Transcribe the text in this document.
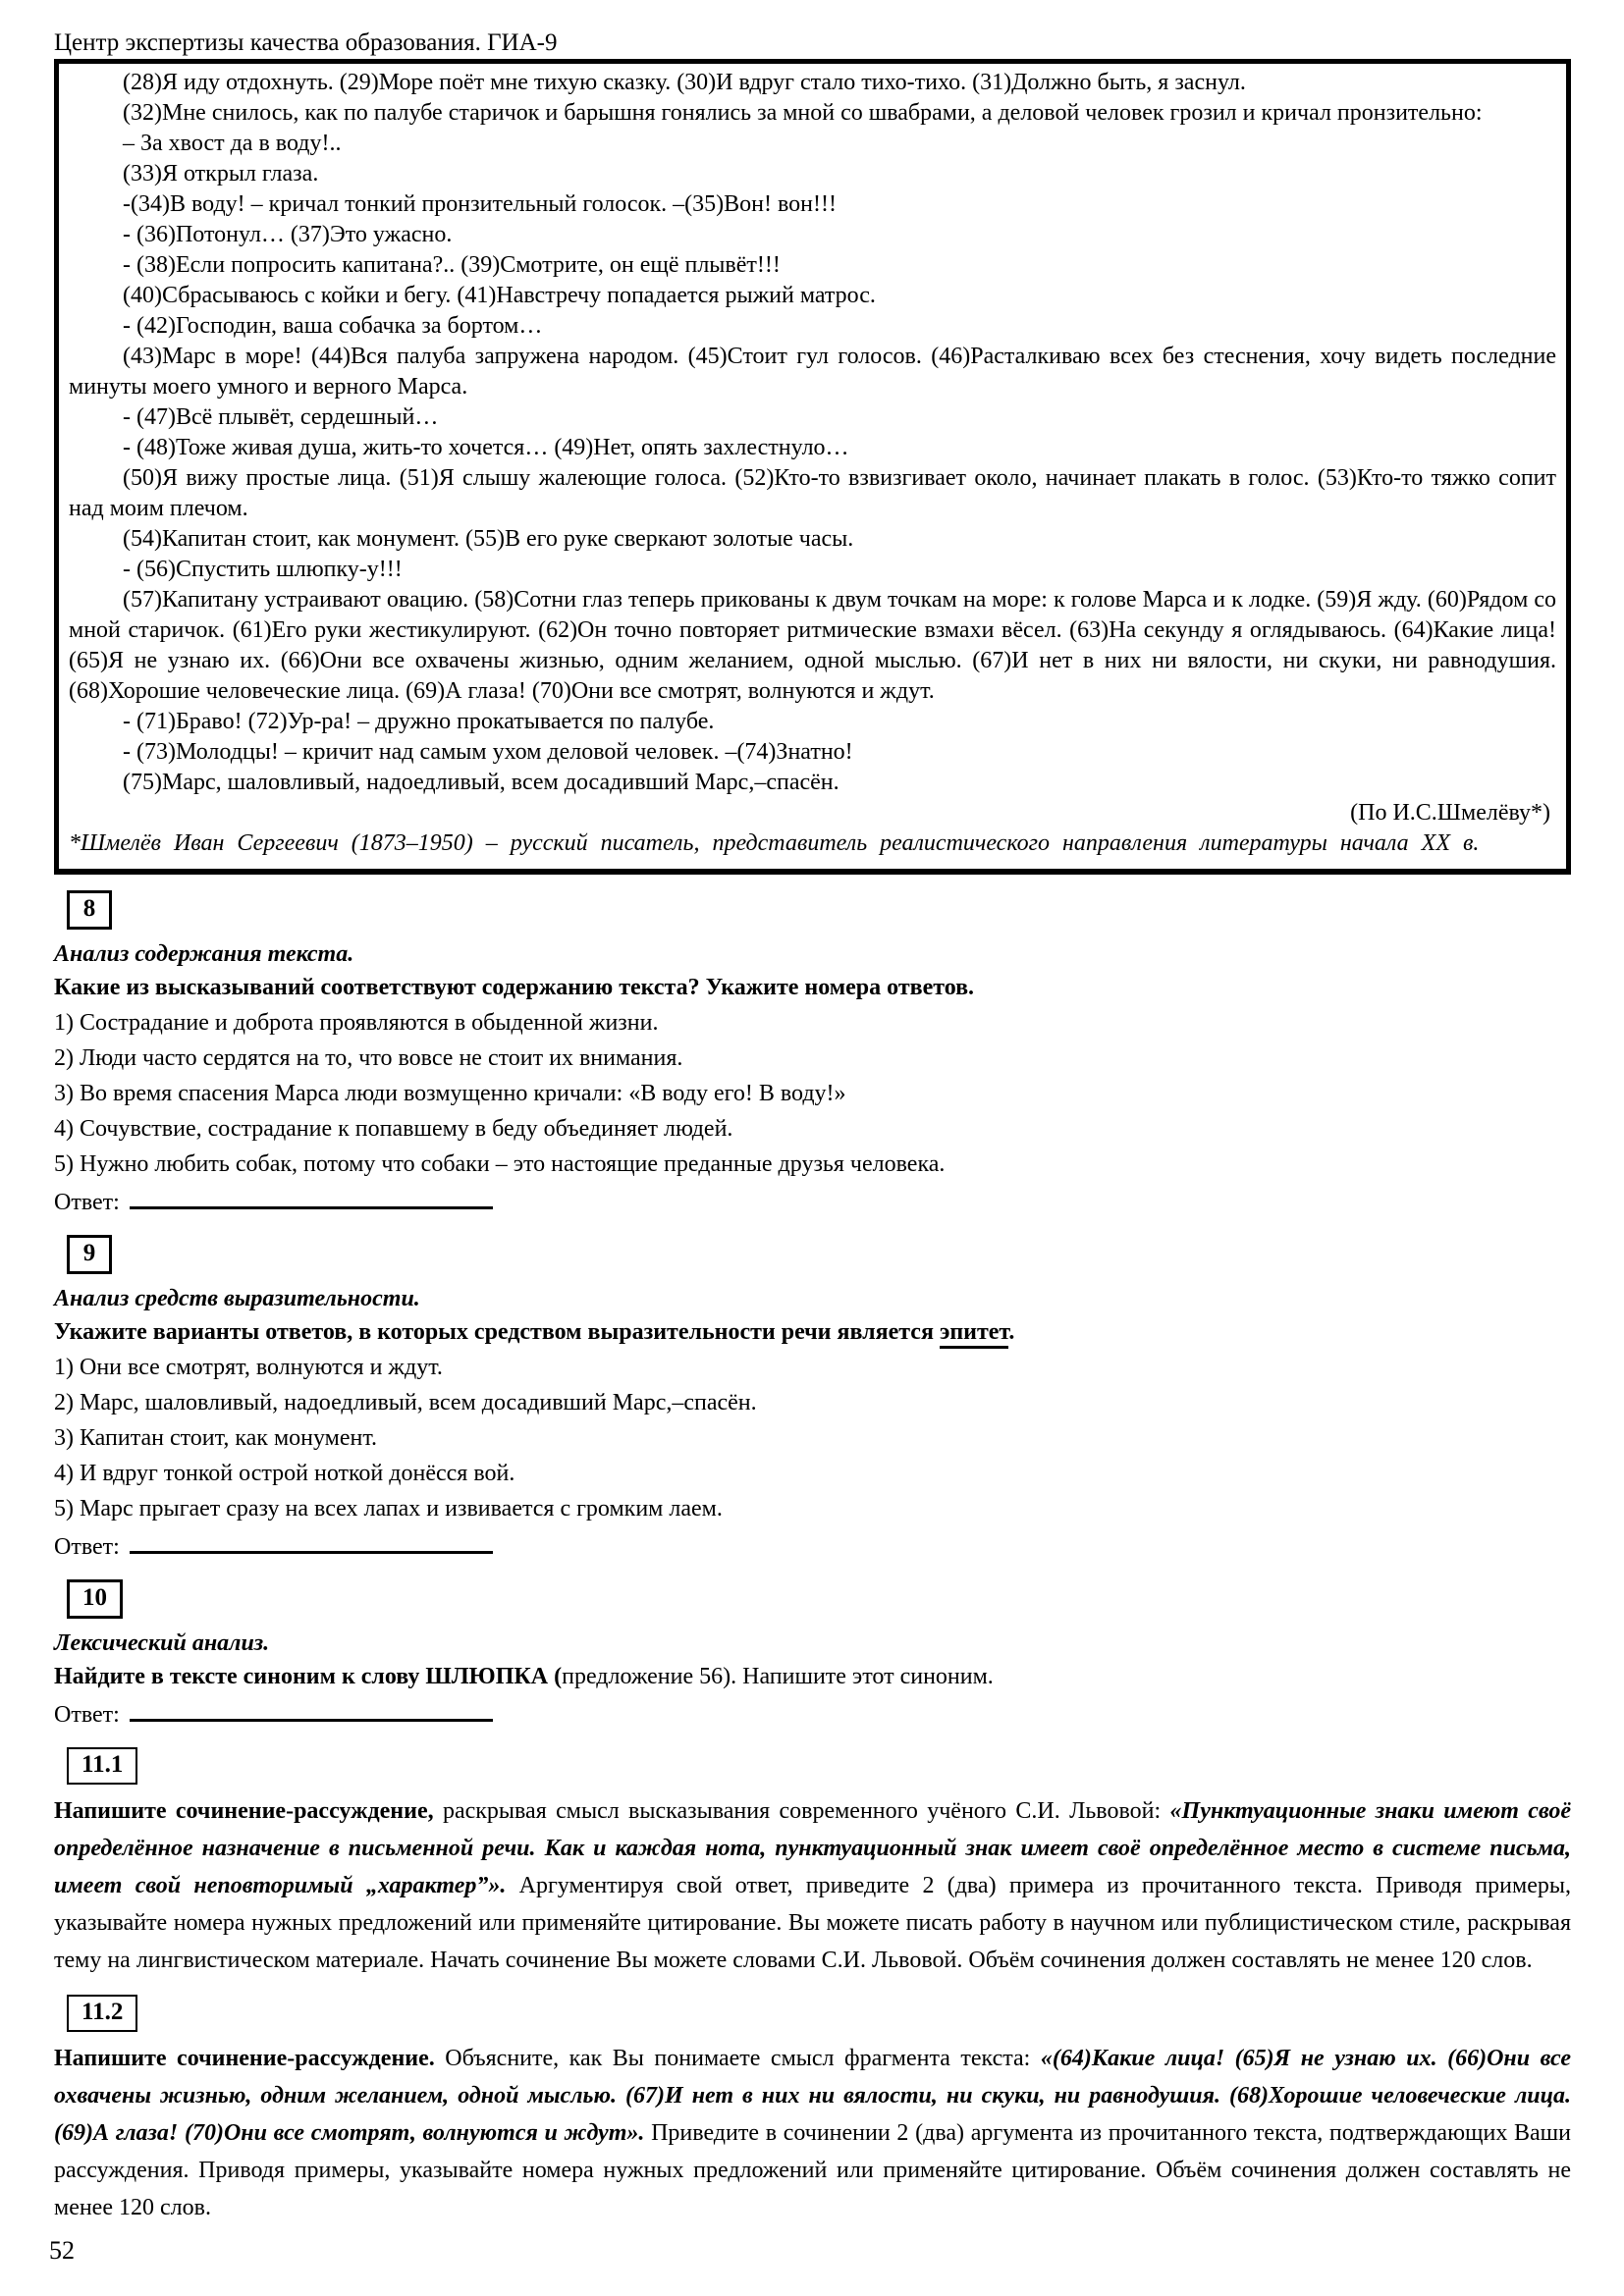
Центр экспертизы качества образования. ГИА-9

(28)Я иду отдохнуть. (29)Море поёт мне тихую сказку. (30)И вдруг стало тихо-тихо. (31)Должно быть, я заснул.

(32)Мне снилось, как по палубе старичок и барышня гонялись за мной со швабрами, а деловой человек грозил и кричал пронзительно:

– За хвост да в воду!..

(33)Я открыл глаза.

-(34)В воду! – кричал тонкий пронзительный голосок. –(35)Вон! вон!!!

- (36)Потонул… (37)Это ужасно.

- (38)Если попросить капитана?.. (39)Смотрите, он ещё плывёт!!!

(40)Сбрасываюсь с койки и бегу. (41)Навстречу попадается рыжий матрос.

- (42)Господин, ваша собачка за бортом…

(43)Марс в море! (44)Вся палуба запружена народом. (45)Стоит гул голосов. (46)Расталкиваю всех без стеснения, хочу видеть последние минуты моего умного и верного Марса.

- (47)Всё плывёт, сердешный…

- (48)Тоже живая душа, жить-то хочется… (49)Нет, опять захлестнуло…

(50)Я вижу простые лица. (51)Я слышу жалеющие голоса. (52)Кто-то взвизгивает около, начинает плакать в голос. (53)Кто-то тяжко сопит над моим плечом.

(54)Капитан стоит, как монумент. (55)В его руке сверкают золотые часы.

- (56)Спустить шлюпку-у!!!

(57)Капитану устраивают овацию. (58)Сотни глаз теперь прикованы к двум точкам на море: к голове Марса и к лодке. (59)Я жду. (60)Рядом со мной старичок. (61)Его руки жестикулируют. (62)Он точно повторяет ритмические взмахи вёсел. (63)На секунду я оглядываюсь. (64)Какие лица! (65)Я не узнаю их. (66)Они все охвачены жизнью, одним желанием, одной мыслью. (67)И нет в них ни вялости, ни скуки, ни равнодушия. (68)Хорошие человеческие лица. (69)А глаза! (70)Они все смотрят, волнуются и ждут.

- (71)Браво! (72)Ур-ра! – дружно прокатывается по палубе.

- (73)Молодцы! – кричит над самым ухом деловой человек. –(74)Знатно!

(75)Марс, шаловливый, надоедливый, всем досадивший Марс,–спасён.

(По И.С.Шмелёву*)

*Шмелёв Иван Сергеевич (1873–1950) – русский писатель, представитель реалистического направления литературы начала XX в.

8
Анализ содержания текста.
Какие из высказываний соответствуют содержанию текста? Укажите номера ответов.
1) Сострадание и доброта проявляются в обыденной жизни.
2) Люди часто сердятся на то, что вовсе не стоит их внимания.
3) Во время спасения Марса люди возмущенно кричали: «В воду его! В воду!»
4) Сочувствие, сострадание к попавшему в беду объединяет людей.
5) Нужно любить собак, потому что собаки – это настоящие преданные друзья человека.
Ответ:
9
Анализ средств выразительности.
Укажите варианты ответов, в которых средством выразительности речи является эпитет.
1) Они все смотрят, волнуются и ждут.
2) Марс, шаловливый, надоедливый, всем досадивший Марс,–спасён.
3) Капитан стоит, как монумент.
4) И вдруг тонкой острой ноткой донёсся вой.
5) Марс прыгает сразу на всех лапах и извивается с громким лаем.
Ответ:
10
Лексический анализ.
Найдите в тексте синоним к слову ШЛЮПКА (предложение 56). Напишите этот синоним.
Ответ:
11.1

Напишите сочинение-рассуждение, раскрывая смысл высказывания современного учёного С.И. Львовой: «Пунктуационные знаки имеют своё определённое назначение в письменной речи. Как и каждая нота, пунктуационный знак имеет своё определённое место в системе письма, имеет свой неповторимый „характер”». Аргументируя свой ответ, приведите 2 (два) примера из прочитанного текста. Приводя примеры, указывайте номера нужных предложений или применяйте цитирование. Вы можете писать работу в научном или публицистическом стиле, раскрывая тему на лингвистическом материале. Начать сочинение Вы можете словами С.И. Львовой. Объём сочинения должен составлять не менее 120 слов.

11.2

Напишите сочинение-рассуждение. Объясните, как Вы понимаете смысл фрагмента текста: «(64)Какие лица! (65)Я не узнаю их. (66)Они все охвачены жизнью, одним желанием, одной мыслью. (67)И нет в них ни вялости, ни скуки, ни равнодушия. (68)Хорошие человеческие лица. (69)А глаза! (70)Они все смотрят, волнуются и ждут». Приведите в сочинении 2 (два) аргумента из прочитанного текста, подтверждающих Ваши рассуждения. Приводя примеры, указывайте номера нужных предложений или применяйте цитирование. Объём сочинения должен составлять не менее 120 слов.

52
